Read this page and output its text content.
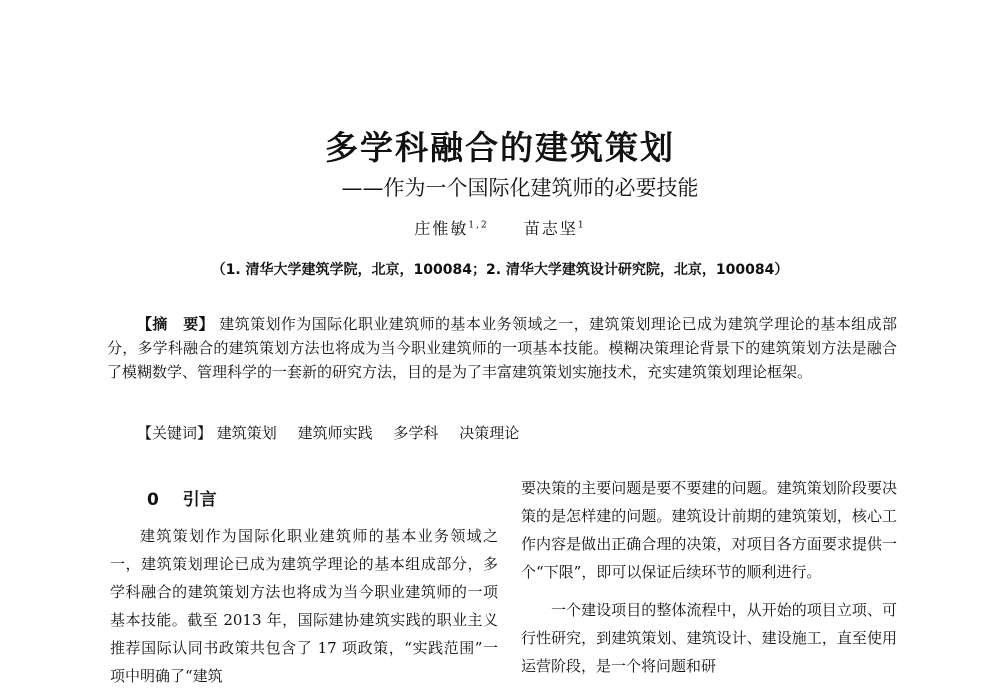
多学科融合的建筑策划
——作为一个国际化建筑师的必要技能
庄惟敏$^{1,2}$ 苗志坚$^1$
（1. 清华大学建筑学院，北京，100084；2. 清华大学建筑设计研究院，北京，100084）
【摘　要】 建筑策划作为国际化职业建筑师的基本业务领域之一，建筑策划理论已成为建筑学理论的基本组成部分，多学科融合的建筑策划方法也将成为当今职业建筑师的一项基本技能。模糊决策理论背景下的建筑策划方法是融合了模糊数学、管理科学的一套新的研究方法，目的是为了丰富建筑策划实施技术，充实建筑策划理论框架。
【关键词】 建筑策划 建筑师实践 多学科 决策理论
0 引言
建筑策划作为国际化职业建筑师的基本业务领域之一，建筑策划理论已成为建筑学理论的基本组成部分，多学科融合的建筑策划方法也将成为当今职业建筑师的一项基本技能。截至 2013 年，国际建协建筑实践的职业主义推荐国际认同书政策共包含了 17 项政策，“实践范围”一项中明确了“建筑

要决策的主要问题是要不要建的问题。建筑策划阶段要决策的是怎样建的问题。建筑设计前期的建筑策划，核心工作内容是做出正确合理的决策，对项目各方面要求提供一个“下限”，即可以保证后续环节的顺利进行。

一个建设项目的整体流程中，从开始的项目立项、可行性研究，到建筑策划、建筑设计、建设施工，直至使用运营阶段，是一个将问题和研
